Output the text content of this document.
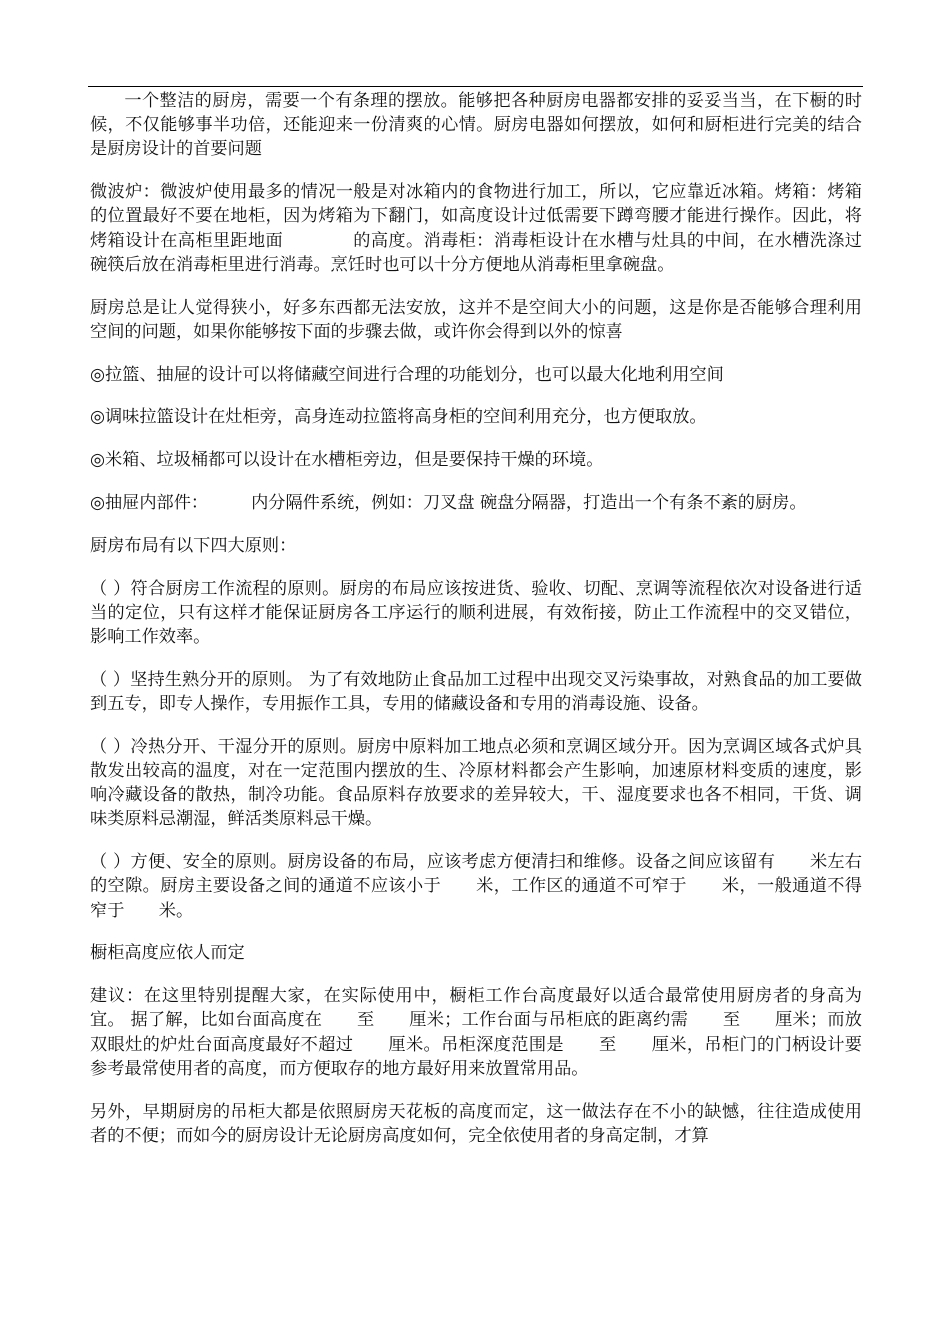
一个整洁的厨房，需要一个有条理的摆放。能够把各种厨房电器都安排的妥妥当当，在下橱的时候，不仅能够事半功倍，还能迎来一份清爽的心情。厨房电器如何摆放，如何和厨柜进行完美的结合是厨房设计的首要问题

微波炉：微波炉使用最多的情况一般是对冰箱内的食物进行加工，所以，它应靠近冰箱。烤箱：烤箱的位置最好不要在地柜，因为烤箱为下翻门，如高度设计过低需要下蹲弯腰才能进行操作。因此，将烤箱设计在高柜里距地面　　　　的高度。消毒柜：消毒柜设计在水槽与灶具的中间，在水槽洗涤过碗筷后放在消毒柜里进行消毒。烹饪时也可以十分方便地从消毒柜里拿碗盘。

厨房总是让人觉得狭小，好多东西都无法安放，这并不是空间大小的问题，这是你是否能够合理利用空间的问题，如果你能够按下面的步骤去做，或许你会得到以外的惊喜

◎拉篮、抽屉的设计可以将储藏空间进行合理的功能划分，也可以最大化地利用空间

◎调味拉篮设计在灶柜旁，高身连动拉篮将高身柜的空间利用充分，也方便取放。

◎米箱、垃圾桶都可以设计在水槽柜旁边，但是要保持干燥的环境。

◎抽屉内部件：　　　内分隔件系统，例如：刀叉盘 碗盘分隔器，打造出一个有条不紊的厨房。

厨房布局有以下四大原则：

（ ）符合厨房工作流程的原则。厨房的布局应该按进货、验收、切配、烹调等流程依次对设备进行适当的定位，只有这样才能保证厨房各工序运行的顺利进展，有效衔接，防止工作流程中的交叉错位，影响工作效率。

（ ）坚持生熟分开的原则。 为了有效地防止食品加工过程中出现交叉污染事故，对熟食品的加工要做到五专，即专人操作，专用振作工具，专用的储藏设备和专用的消毒设施、设备。

（ ）冷热分开、干湿分开的原则。厨房中原料加工地点必须和烹调区域分开。因为烹调区域各式炉具散发出较高的温度，对在一定范围内摆放的生、冷原材料都会产生影响，加速原材料变质的速度，影响冷藏设备的散热，制冷功能。食品原料存放要求的差异较大，干、湿度要求也各不相同，干货、调味类原料忌潮湿，鲜活类原料忌干燥。

（ ）方便、安全的原则。厨房设备的布局，应该考虑方便清扫和维修。设备之间应该留有　　米左右的空隙。厨房主要设备之间的通道不应该小于　　米，工作区的通道不可窄于　　米，一般通道不得窄于　　米。

橱柜高度应依人而定

建议：在这里特别提醒大家，在实际使用中，橱柜工作台高度最好以适合最常使用厨房者的身高为宜。 据了解，比如台面高度在　　至　　厘米；工作台面与吊柜底的距离约需　　至　　厘米；而放双眼灶的炉灶台面高度最好不超过　　厘米。吊柜深度范围是　　至　　厘米，吊柜门的门柄设计要参考最常使用者的高度，而方便取存的地方最好用来放置常用品。

另外，早期厨房的吊柜大都是依照厨房天花板的高度而定，这一做法存在不小的缺憾，往往造成使用者的不便；而如今的厨房设计无论厨房高度如何，完全依使用者的身高定制，才算
